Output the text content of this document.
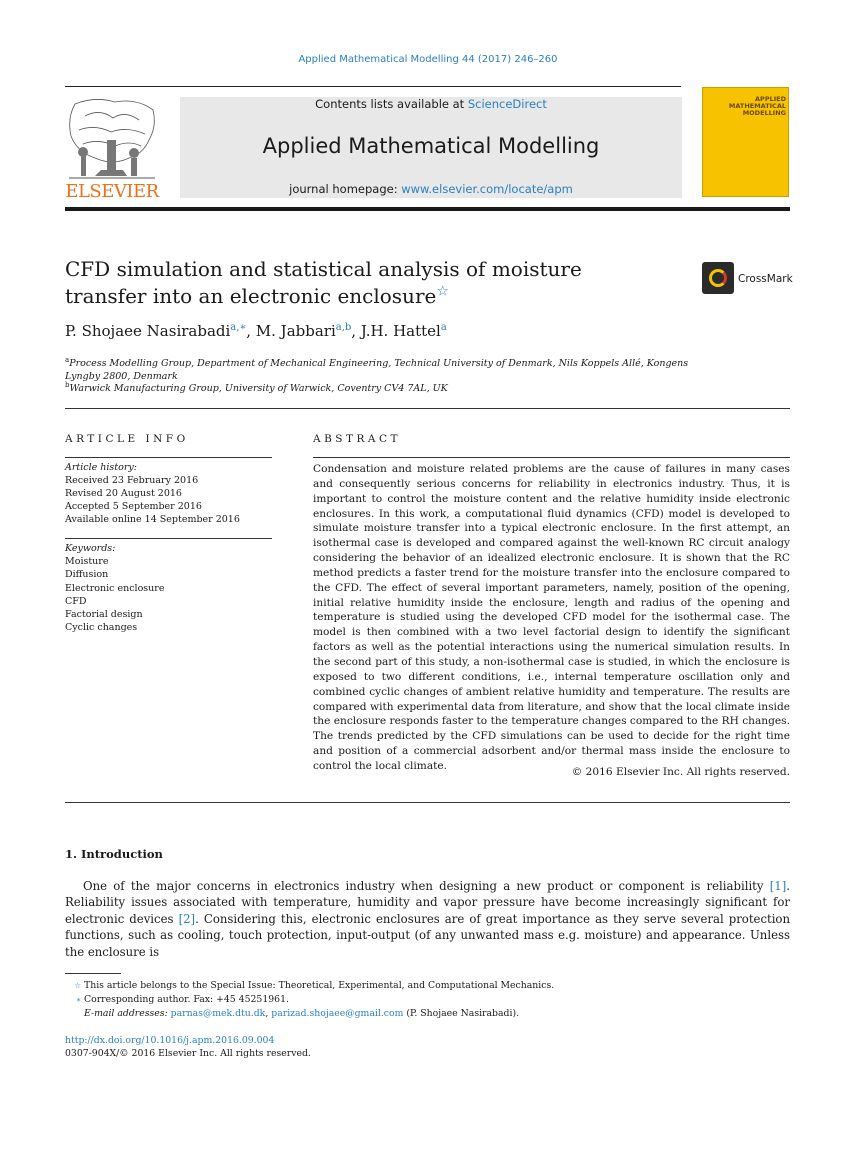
Applied Mathematical Modelling 44 (2017) 246–260
ELSEVIER
Contents lists available at ScienceDirect
Applied Mathematical Modelling
journal homepage: www.elsevier.com/locate/apm
APPLIED MATHEMATICAL MODELLING
CFD simulation and statistical analysis of moisture transfer into an electronic enclosure☆
CrossMark
P. Shojaee Nasirabadi$^{a,∗}$, M. Jabbari$^{a,b}$, J.H. Hattel$^a$
$^a$Process Modelling Group, Department of Mechanical Engineering, Technical University of Denmark, Nils Koppels Allé, Kongens Lyngby 2800, Denmark
$^b$Warwick Manufacturing Group, University of Warwick, Coventry CV4 7AL, UK
ARTICLE INFO
Article history:
Received 23 February 2016
Revised 20 August 2016
Accepted 5 September 2016
Available online 14 September 2016
Keywords:
Moisture
Diffusion
Electronic enclosure
CFD
Factorial design
Cyclic changes
ABSTRACT
Condensation and moisture related problems are the cause of failures in many cases and consequently serious concerns for reliability in electronics industry. Thus, it is important to control the moisture content and the relative humidity inside electronic enclosures. In this work, a computational fluid dynamics (CFD) model is developed to simulate moisture transfer into a typical electronic enclosure. In the first attempt, an isothermal case is developed and compared against the well-known RC circuit analogy considering the behavior of an idealized electronic enclosure. It is shown that the RC method predicts a faster trend for the moisture transfer into the enclosure compared to the CFD. The effect of several important parameters, namely, position of the opening, initial relative humidity inside the enclosure, length and radius of the opening and temperature is studied using the developed CFD model for the isothermal case. The model is then combined with a two level factorial design to identify the significant factors as well as the potential interactions using the numerical simulation results. In the second part of this study, a non-isothermal case is studied, in which the enclosure is exposed to two different conditions, i.e., internal temperature oscillation only and combined cyclic changes of ambient relative humidity and temperature. The results are compared with experimental data from literature, and show that the local climate inside the enclosure responds faster to the temperature changes compared to the RH changes. The trends predicted by the CFD simulations can be used to decide for the right time and position of a commercial adsorbent and/or thermal mass inside the enclosure to control the local climate.
© 2016 Elsevier Inc. All rights reserved.
1. Introduction
One of the major concerns in electronics industry when designing a new product or component is reliability [1]. Reliability issues associated with temperature, humidity and vapor pressure have become increasingly significant for electronic devices [2]. Considering this, electronic enclosures are of great importance as they serve several protection functions, such as cooling, touch protection, input-output (of any unwanted mass e.g. moisture) and appearance. Unless the enclosure is
☆ This article belongs to the Special Issue: Theoretical, Experimental, and Computational Mechanics.
∗ Corresponding author. Fax: +45 45251961.
E-mail addresses: parnas@mek.dtu.dk, parizad.shojaee@gmail.com (P. Shojaee Nasirabadi).
http://dx.doi.org/10.1016/j.apm.2016.09.004
0307-904X/© 2016 Elsevier Inc. All rights reserved.
